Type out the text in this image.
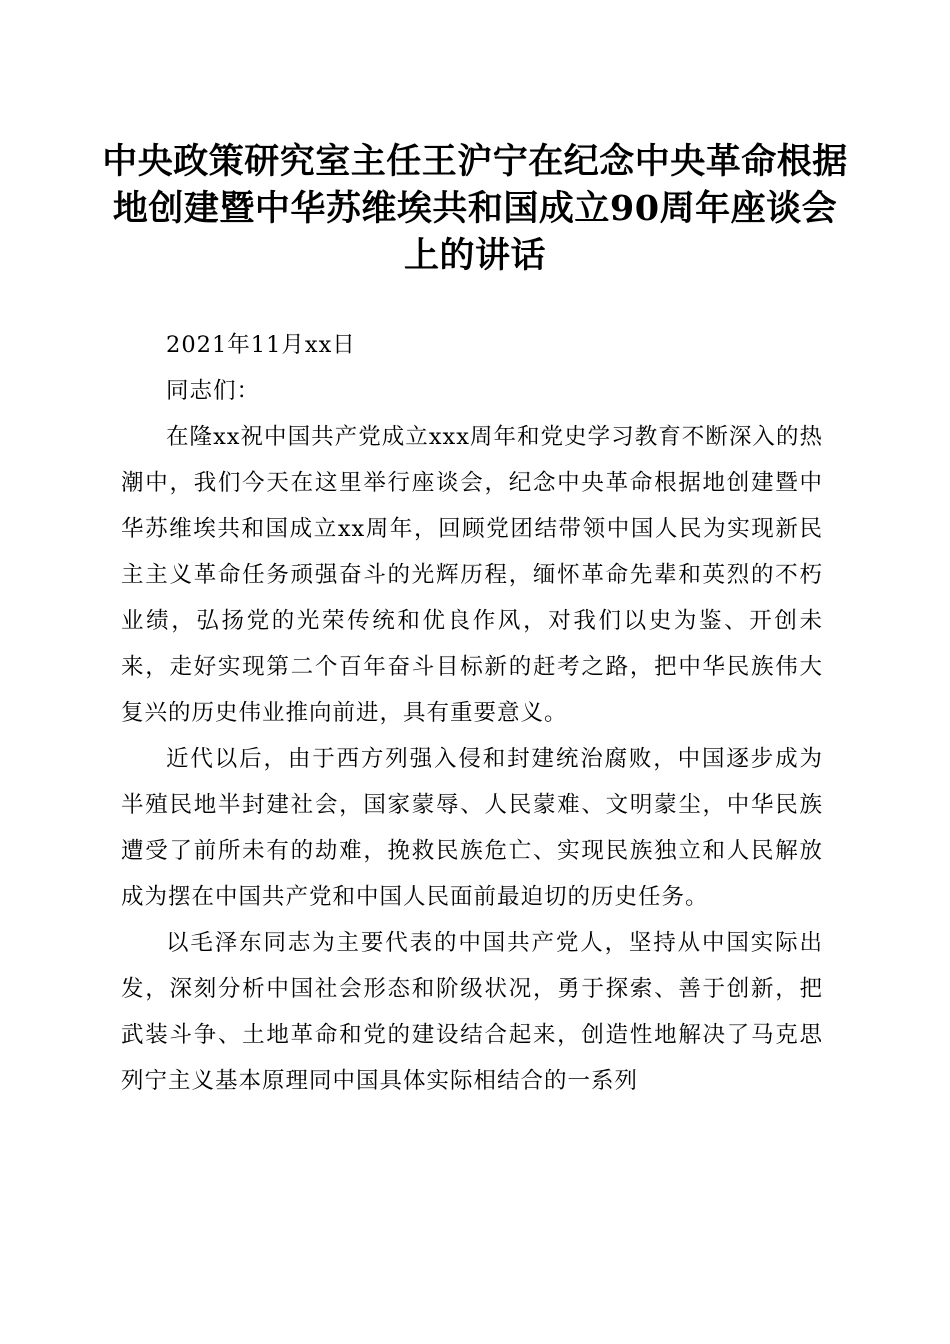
中央政策研究室主任王沪宁在纪念中央革命根据地创建暨中华苏维埃共和国成立90周年座谈会上的讲话

2021年11月xx日

同志们：

在隆xx祝中国共产党成立xxx周年和党史学习教育不断深入的热潮中，我们今天在这里举行座谈会，纪念中央革命根据地创建暨中华苏维埃共和国成立xx周年，回顾党团结带领中国人民为实现新民主主义革命任务顽强奋斗的光辉历程，缅怀革命先辈和英烈的不朽业绩，弘扬党的光荣传统和优良作风，对我们以史为鉴、开创未来，走好实现第二个百年奋斗目标新的赶考之路，把中华民族伟大复兴的历史伟业推向前进，具有重要意义。

近代以后，由于西方列强入侵和封建统治腐败，中国逐步成为半殖民地半封建社会，国家蒙辱、人民蒙难、文明蒙尘，中华民族遭受了前所未有的劫难，挽救民族危亡、实现民族独立和人民解放成为摆在中国共产党和中国人民面前最迫切的历史任务。

以毛泽东同志为主要代表的中国共产党人，坚持从中国实际出发，深刻分析中国社会形态和阶级状况，勇于探索、善于创新，把武装斗争、土地革命和党的建设结合起来，创造性地解决了马克思列宁主义基本原理同中国具体实际相结合的一系列
